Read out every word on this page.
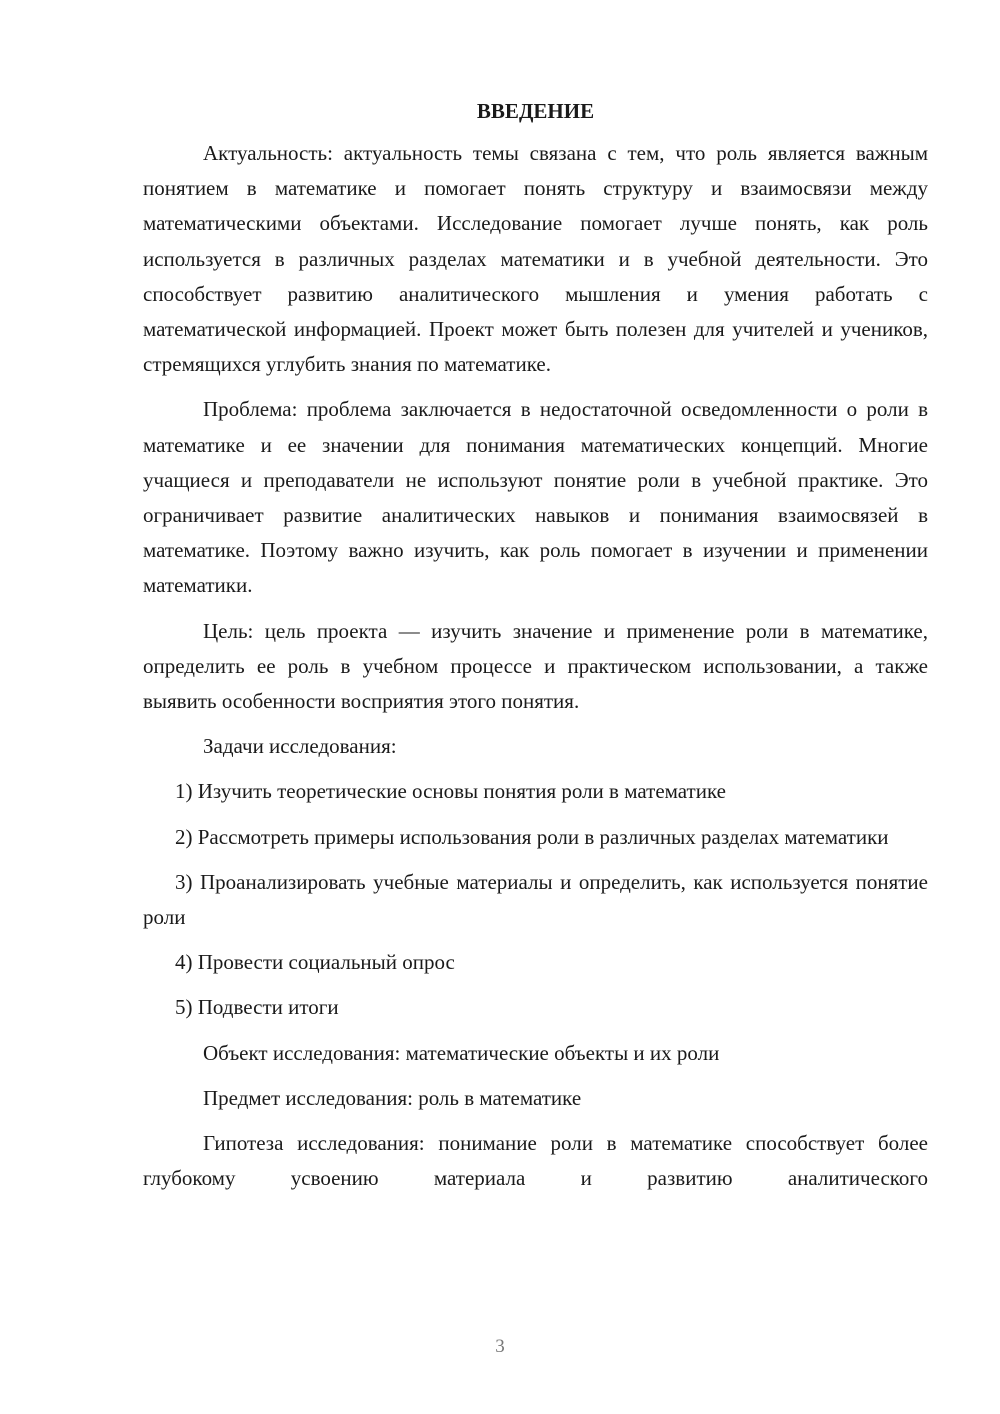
ВВЕДЕНИЕ

Актуальность: актуальность темы связана с тем, что роль является важным понятием в математике и помогает понять структуру и взаимосвязи между математическими объектами. Исследование помогает лучше понять, как роль используется в различных разделах математики и в учебной деятельности. Это способствует развитию аналитического мышления и умения работать с математической информацией. Проект может быть полезен для учителей и учеников, стремящихся углубить знания по математике.

Проблема: проблема заключается в недостаточной осведомленности о роли в математике и ее значении для понимания математических концепций. Многие учащиеся и преподаватели не используют понятие роли в учебной практике. Это ограничивает развитие аналитических навыков и понимания взаимосвязей в математике. Поэтому важно изучить, как роль помогает в изучении и применении математики.

Цель: цель проекта — изучить значение и применение роли в математике, определить ее роль в учебном процессе и практическом использовании, а также выявить особенности восприятия этого понятия.

Задачи исследования:

1) Изучить теоретические основы понятия роли в математике

2) Рассмотреть примеры использования роли в различных разделах математики

3) Проанализировать учебные материалы и определить, как используется понятие роли

4) Провести социальный опрос

5) Подвести итоги

Объект исследования: математические объекты и их роли

Предмет исследования: роль в математике

Гипотеза исследования: понимание роли в математике способствует более глубокому усвоению материала и развитию аналитического

3
